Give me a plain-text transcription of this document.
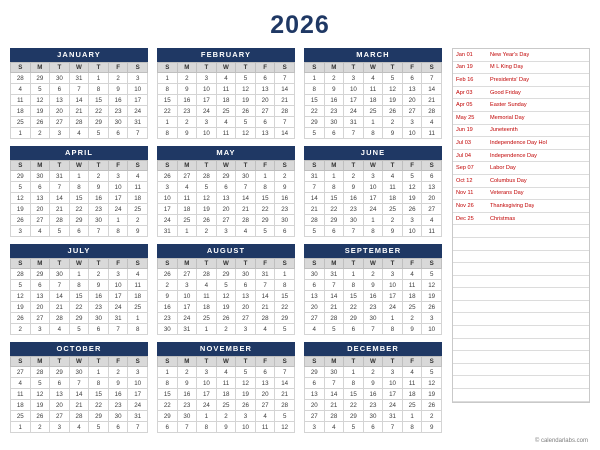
2026
JANUARY
S	M	T	W	T	F	S
28	29	30	31	1	2	3
4	5	6	7	8	9	10
11	12	13	14	15	16	17
18	19	20	21	22	23	24
25	26	27	28	29	30	31
1	2	3	4	5	6	7
FEBRUARY
S	M	T	W	T	F	S
1	2	3	4	5	6	7
8	9	10	11	12	13	14
15	16	17	18	19	20	21
22	23	24	25	26	27	28
1	2	3	4	5	6	7
8	9	10	11	12	13	14
MARCH
S	M	T	W	T	F	S
1	2	3	4	5	6	7
8	9	10	11	12	13	14
15	16	17	18	19	20	21
22	23	24	25	26	27	28
29	30	31	1	2	3	4
5	6	7	8	9	10	11
APRIL
S	M	T	W	T	F	S
29	30	31	1	2	3	4
5	6	7	8	9	10	11
12	13	14	15	16	17	18
19	20	21	22	23	24	25
26	27	28	29	30	1	2
3	4	5	6	7	8	9
MAY
S	M	T	W	T	F	S
26	27	28	29	30	1	2
3	4	5	6	7	8	9
10	11	12	13	14	15	16
17	18	19	20	21	22	23
24	25	26	27	28	29	30
31	1	2	3	4	5	6
JUNE
S	M	T	W	T	F	S
31	1	2	3	4	5	6
7	8	9	10	11	12	13
14	15	16	17	18	19	20
21	22	23	24	25	26	27
28	29	30	1	2	3	4
5	6	7	8	9	10	11
JULY
S	M	T	W	T	F	S
28	29	30	1	2	3	4
5	6	7	8	9	10	11
12	13	14	15	16	17	18
19	20	21	22	23	24	25
26	27	28	29	30	31	1
2	3	4	5	6	7	8
AUGUST
S	M	T	W	T	F	S
26	27	28	29	30	31	1
2	3	4	5	6	7	8
9	10	11	12	13	14	15
16	17	18	19	20	21	22
23	24	25	26	27	28	29
30	31	1	2	3	4	5
SEPTEMBER
S	M	T	W	T	F	S
30	31	1	2	3	4	5
6	7	8	9	10	11	12
13	14	15	16	17	18	19
20	21	22	23	24	25	26
27	28	29	30	1	2	3
4	5	6	7	8	9	10
OCTOBER
S	M	T	W	T	F	S
27	28	29	30	1	2	3
4	5	6	7	8	9	10
11	12	13	14	15	16	17
18	19	20	21	22	23	24
25	26	27	28	29	30	31
1	2	3	4	5	6	7
NOVEMBER
S	M	T	W	T	F	S
1	2	3	4	5	6	7
8	9	10	11	12	13	14
15	16	17	18	19	20	21
22	23	24	25	26	27	28
29	30	1	2	3	4	5
6	7	8	9	10	11	12
DECEMBER
S	M	T	W	T	F	S
29	30	1	2	3	4	5
6	7	8	9	10	11	12
13	14	15	16	17	18	19
20	21	22	23	24	25	26
27	28	29	30	31	1	2
3	4	5	6	7	8	9
Jan 01	New Year's Day
Jan 19	M L King Day
Feb 16	Presidents' Day
Apr 03	Good Friday
Apr 05	Easter Sunday
May 25	Memorial Day
Jun 19	Juneteenth
Jul 03	Independence Day Hol
Jul 04	Independence Day
Sep 07	Labor Day
Oct 12	Columbus Day
Nov 11	Veterans Day
Nov 26	Thanksgiving Day
Dec 25	Christmas
© calendarlabs.com
